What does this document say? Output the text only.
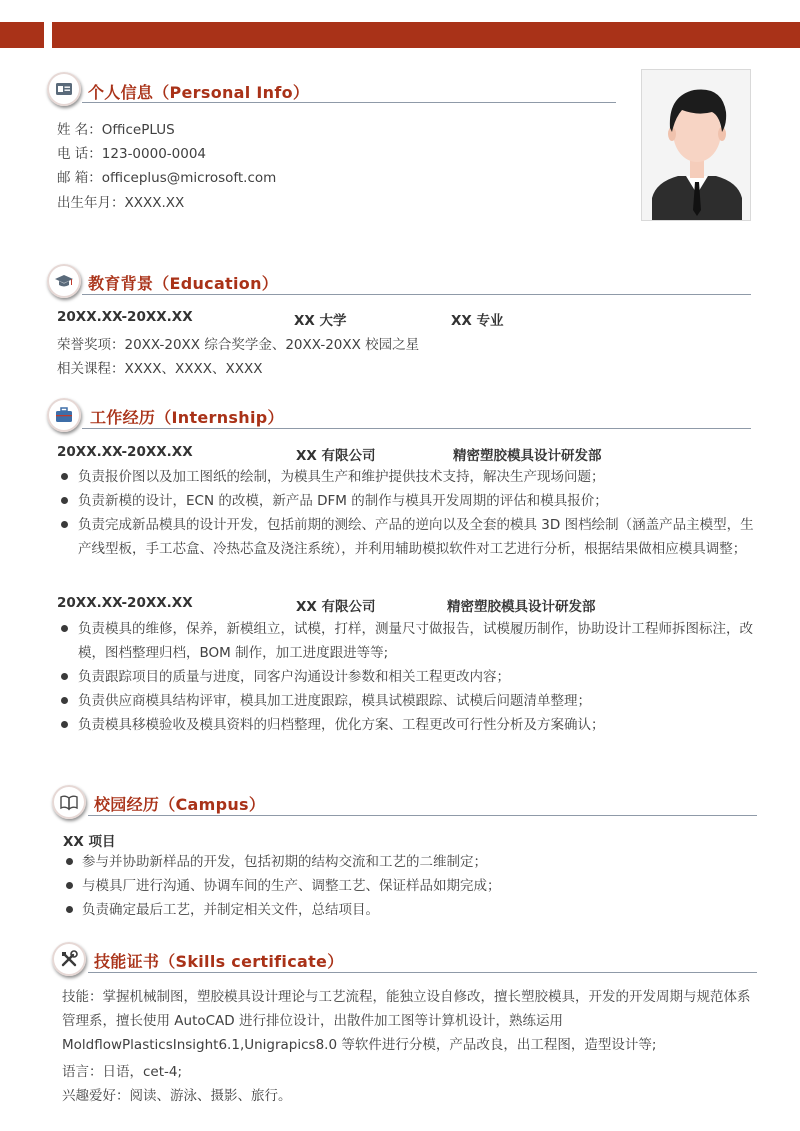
个人信息（Personal Info）
姓 名：OfficePLUS
电 话：123-0000-0004
邮 箱：officeplus@microsoft.com
出生年月：XXXX.XX
教育背景（Education）
20XX.XX-20XX.XX	XX 大学	XX 专业
荣誉奖项：20XX-20XX 综合奖学金、20XX-20XX 校园之星
相关课程：XXXX、XXXX、XXXX
工作经历（Internship）
20XX.XX-20XX.XX	XX 有限公司	精密塑胶模具设计研发部
负责报价图以及加工图纸的绘制，为模具生产和维护提供技术支持，解决生产现场问题；
负责新模的设计，ECN 的改模，新产品 DFM 的制作与模具开发周期的评估和模具报价；
负责完成新品模具的设计开发，包括前期的测绘、产品的逆向以及全套的模具 3D 图档绘制（涵盖产品主模型，生产线型板，手工芯盒、冷热芯盒及浇注系统），并利用辅助模拟软件对工艺进行分析，根据结果做相应模具调整；
20XX.XX-20XX.XX	XX 有限公司	精密塑胶模具设计研发部
负责模具的维修，保养，新模组立，试模，打样，测量尺寸做报告，试模履历制作，协助设计工程师拆图标注，改模，图档整理归档，BOM 制作，加工进度跟进等等;
负责跟踪项目的质量与进度，同客户沟通设计参数和相关工程更改内容；
负责供应商模具结构评审，模具加工进度跟踪，模具试模跟踪、试模后问题清单整理；
负责模具移模验收及模具资料的归档整理，优化方案、工程更改可行性分析及方案确认；
校园经历（Campus）
XX 项目
参与并协助新样品的开发，包括初期的结构交流和工艺的二维制定；
与模具厂进行沟通、协调车间的生产、调整工艺、保证样品如期完成；
负责确定最后工艺，并制定相关文件，总结项目。
技能证书（Skills certificate）
技能：掌握机械制图，塑胶模具设计理论与工艺流程，能独立设自修改，擅长塑胶模具，开发的开发周期与规范体系管理系，擅长使用 AutoCAD 进行排位设计，出散件加工图等计算机设计，熟练运用 MoldflowPlasticsInsight6.1,Unigrapics8.0 等软件进行分模，产品改良，出工程图，造型设计等;
语言：日语，cet-4;
兴趣爱好：阅读、游泳、摄影、旅行。
